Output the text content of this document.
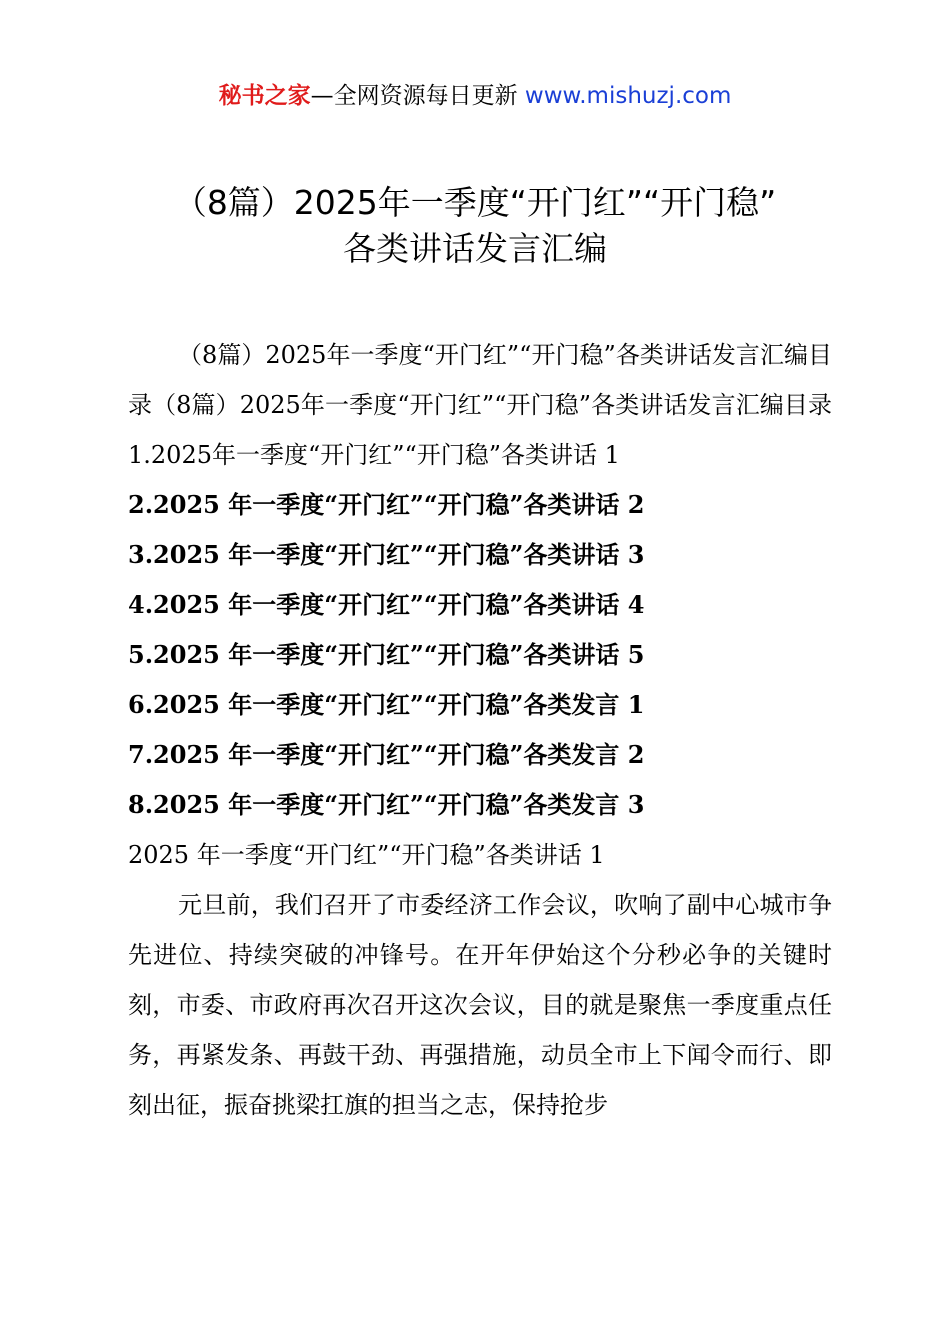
秘书之家—全网资源每日更新 www.mishuzj.com
（8篇）2025年一季度“开门红”“开门稳”
各类讲话发言汇编

（8篇）2025年一季度“开门红”“开门稳”各类讲话发言汇编目录（8篇）2025年一季度“开门红”“开门稳”各类讲话发言汇编目录 1.2025年一季度“开门红”“开门稳”各类讲话 1

2.2025 年一季度“开门红”“开门稳”各类讲话 2

3.2025 年一季度“开门红”“开门稳”各类讲话 3

4.2025 年一季度“开门红”“开门稳”各类讲话 4

5.2025 年一季度“开门红”“开门稳”各类讲话 5

6.2025 年一季度“开门红”“开门稳”各类发言 1

7.2025 年一季度“开门红”“开门稳”各类发言 2

8.2025 年一季度“开门红”“开门稳”各类发言 3

2025 年一季度“开门红”“开门稳”各类讲话 1

元旦前，我们召开了市委经济工作会议，吹响了副中心城市争先进位、持续突破的冲锋号。在开年伊始这个分秒必争的关键时刻，市委、市政府再次召开这次会议，目的就是聚焦一季度重点任务，再紧发条、再鼓干劲、再强措施，动员全市上下闻令而行、即刻出征，振奋挑梁扛旗的担当之志，保持抢步
